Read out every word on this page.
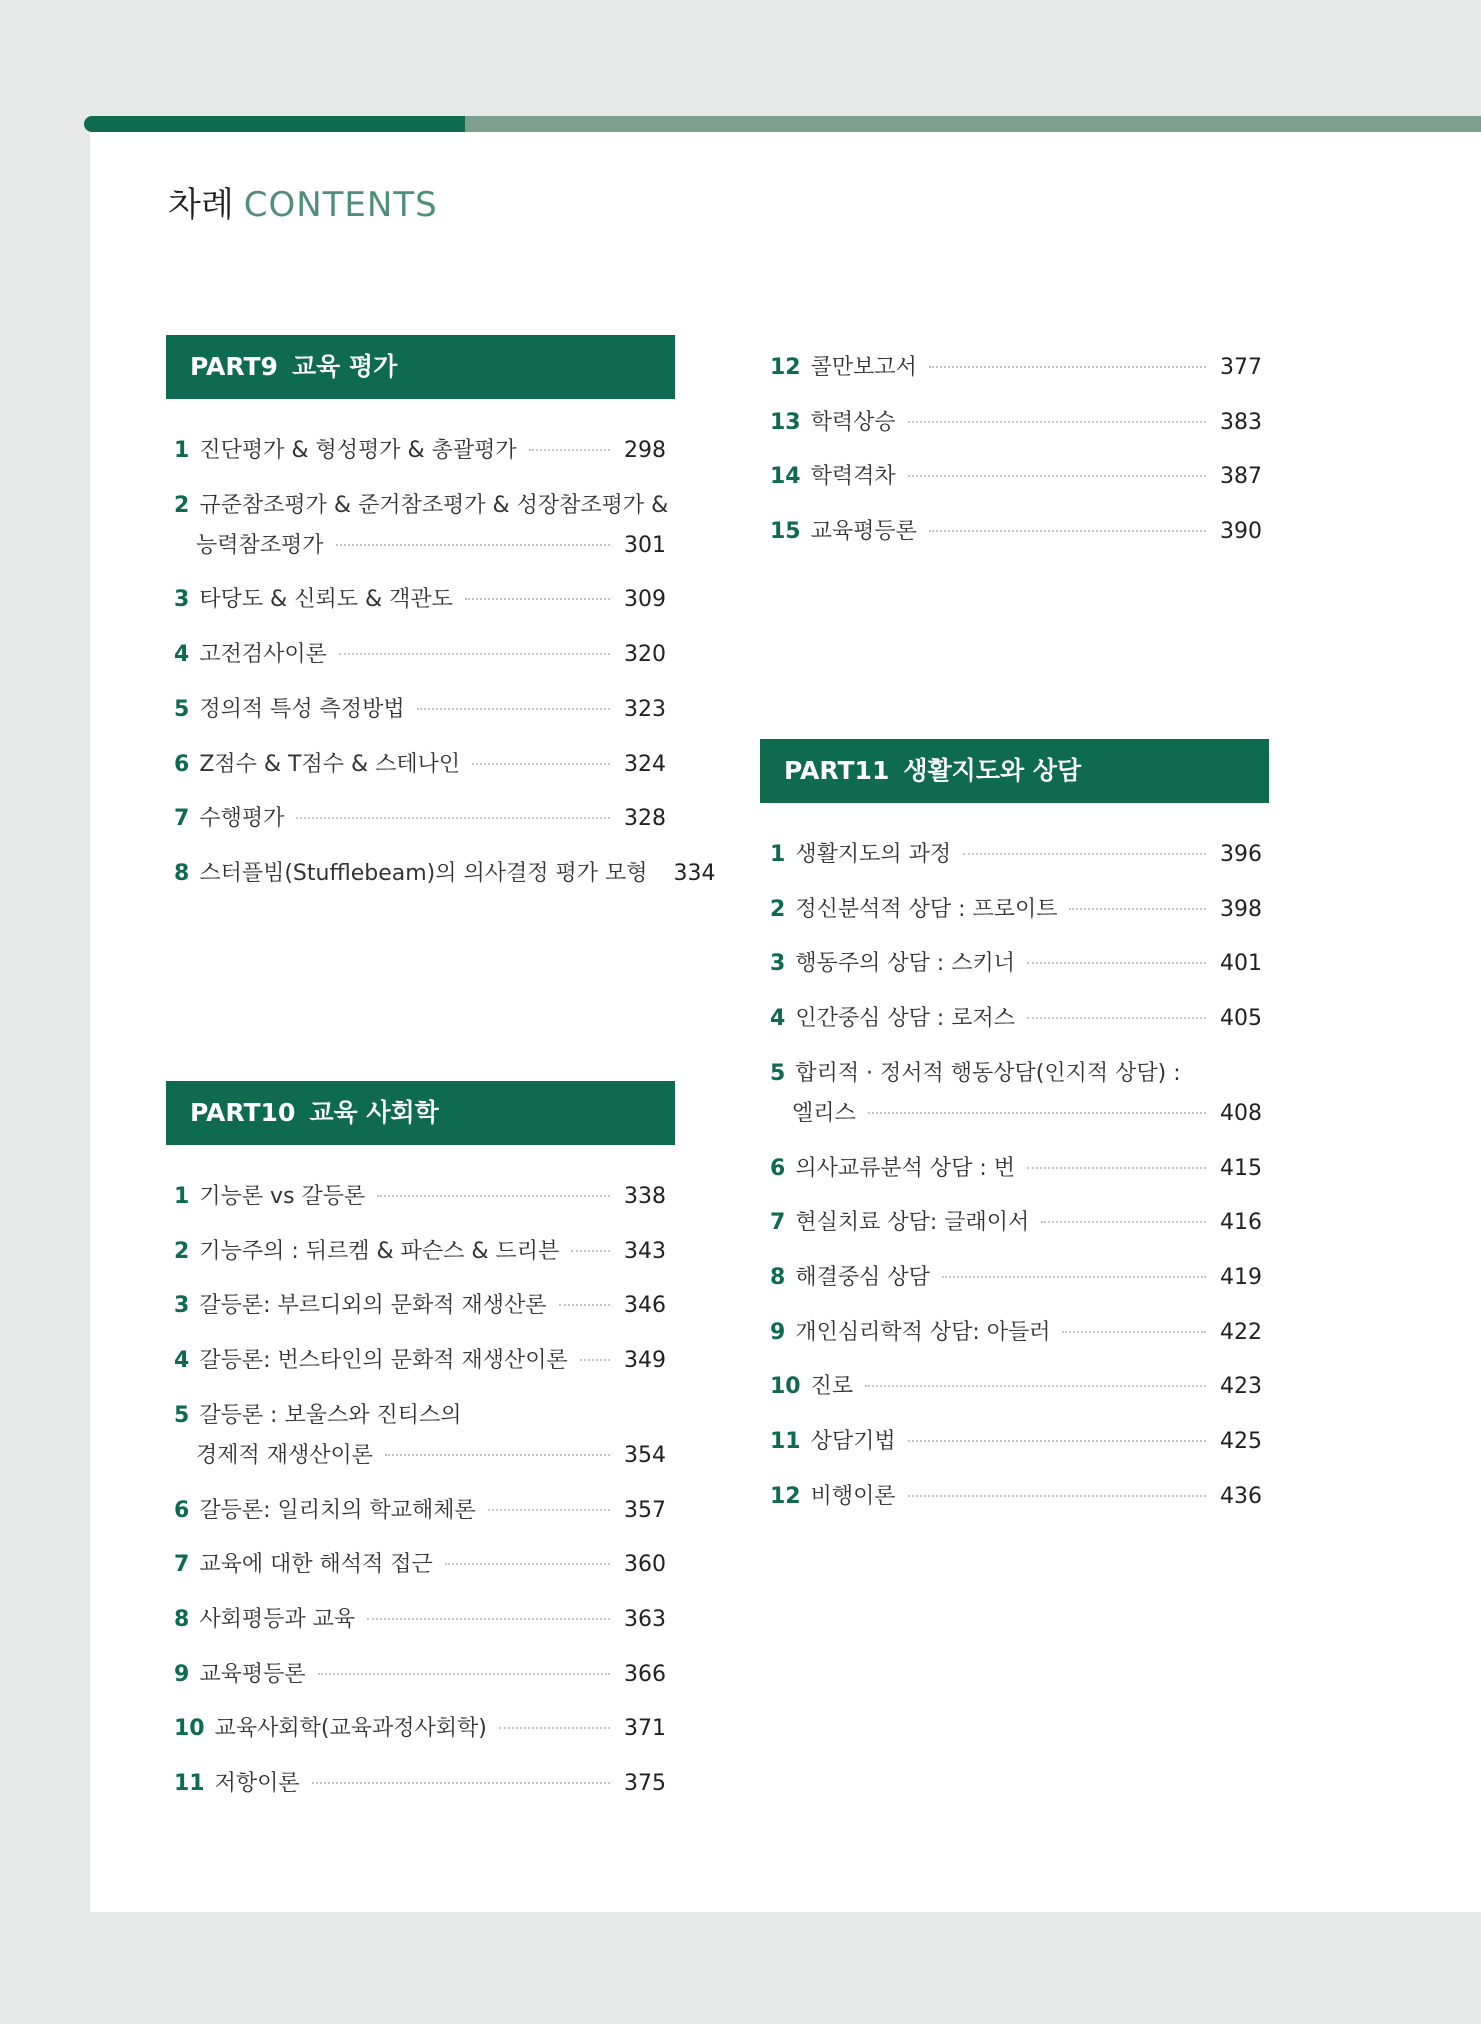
차례 CONTENTS
PART9 교육 평가
1 진단평가 & 형성평가 & 총괄평가	298
2 규준참조평가 & 준거참조평가 & 성장참조평가 &
능력참조평가	301
3 타당도 & 신뢰도 & 객관도	309
4 고전검사이론	320
5 정의적 특성 측정방법	323
6 Z점수 & T점수 & 스테나인	324
7 수행평가	328
8 스터플빔(Stufflebeam)의 의사결정 평가 모형 334
PART10 교육 사회학
1 기능론 vs 갈등론	338
2 기능주의 : 뒤르켐 & 파슨스 & 드리븐	343
3 갈등론: 부르디외의 문화적 재생산론	346
4 갈등론: 번스타인의 문화적 재생산이론	349
5 갈등론 : 보울스와 진티스의
경제적 재생산이론	354
6 갈등론: 일리치의 학교해체론	357
7 교육에 대한 해석적 접근	360
8 사회평등과 교육	363
9 교육평등론	366
10 교육사회학(교육과정사회학)	371
11 저항이론	375
12 콜만보고서	377
13 학력상승	383
14 학력격차	387
15 교육평등론	390
PART11 생활지도와 상담
1 생활지도의 과정	396
2 정신분석적 상담 : 프로이트	398
3 행동주의 상담 : 스키너	401
4 인간중심 상담 : 로저스	405
5 합리적 · 정서적 행동상담(인지적 상담) :
엘리스	408
6 의사교류분석 상담 : 번	415
7 현실치료 상담: 글래이서	416
8 해결중심 상담	419
9 개인심리학적 상담: 아들러	422
10 진로	423
11 상담기법	425
12 비행이론	436
